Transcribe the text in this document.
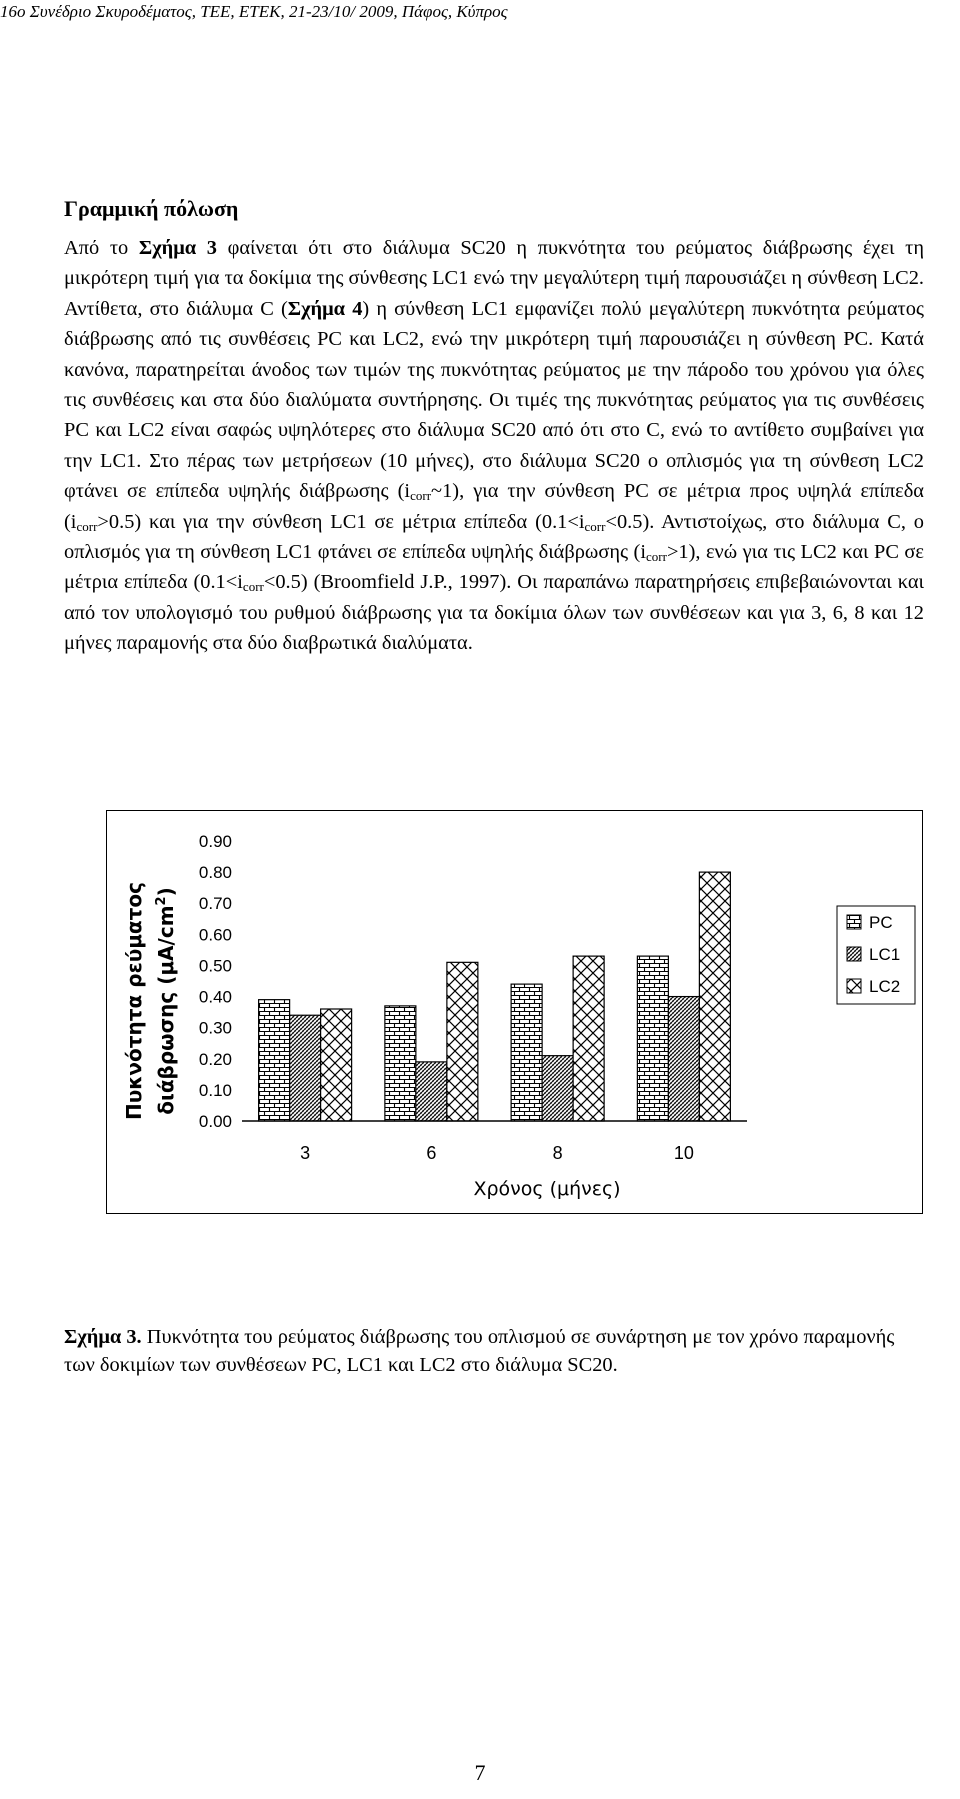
16ο Συνέδριο Σκυροδέματος, ΤΕΕ, ΕΤΕΚ, 21-23/10/ 2009, Πάφος, Κύπρος
Γραμμική πόλωση
Από το Σχήμα 3 φαίνεται ότι στο διάλυμα SC20 η πυκνότητα του ρεύματος διάβρωσης έχει τη μικρότερη τιμή για τα δοκίμια της σύνθεσης LC1 ενώ την μεγαλύτερη τιμή παρουσιάζει η σύνθεση LC2. Αντίθετα, στο διάλυμα C (Σχήμα 4) η σύνθεση LC1 εμφανίζει πολύ μεγαλύτερη πυκνότητα ρεύματος διάβρωσης από τις συνθέσεις PC και LC2, ενώ την μικρότερη τιμή παρουσιάζει η σύνθεση PC. Κατά κανόνα, παρατηρείται άνοδος των τιμών της πυκνότητας ρεύματος με την πάροδο του χρόνου για όλες τις συνθέσεις και στα δύο διαλύματα συντήρησης. Οι τιμές της πυκνότητας ρεύματος για τις συνθέσεις PC και LC2 είναι σαφώς υψηλότερες στο διάλυμα SC20 από ότι στο C, ενώ το αντίθετο συμβαίνει για την LC1. Στο πέρας των μετρήσεων (10 μήνες), στο διάλυμα SC20 ο οπλισμός για τη σύνθεση LC2 φτάνει σε επίπεδα υψηλής διάβρωσης $(i_{corr}\sim 1)$, για την σύνθεση PC σε μέτρια προς υψηλά επίπεδα $(i_{corr}>0.5)$ και για την σύνθεση LC1 σε μέτρια επίπεδα $(0.1<i_{corr}<0.5)$. Αντιστοίχως, στο διάλυμα C, ο οπλισμός για τη σύνθεση LC1 φτάνει σε επίπεδα υψηλής διάβρωσης $(i_{corr}>1)$, ενώ για τις LC2 και PC σε μέτρια επίπεδα $(0.1<i_{corr}<0.5)$ (Broomfield J.P., 1997). Οι παραπάνω παρατηρήσεις επιβεβαιώνονται και από τον υπολογισμό του ρυθμού διάβρωσης για τα δοκίμια όλων των συνθέσεων και για 3, 6, 8 και 12 μήνες παραμονής στα δύο διαβρωτικά διαλύματα.
Πυκνότητα ρεύματος διάβρωσης $(\mu A/cm^2)$
0.00
0.10
0.20
0.30
0.40
0.50
0.60
0.70
0.80
0.90
3	6	8	10
Χρόνος (μήνες)
PC
LC1
LC2
Σχήμα 3. Πυκνότητα του ρεύματος διάβρωσης του οπλισμού σε συνάρτηση με τον χρόνο παραμονής των δοκιμίων των συνθέσεων PC, LC1 και LC2 στο διάλυμα SC20.
7
